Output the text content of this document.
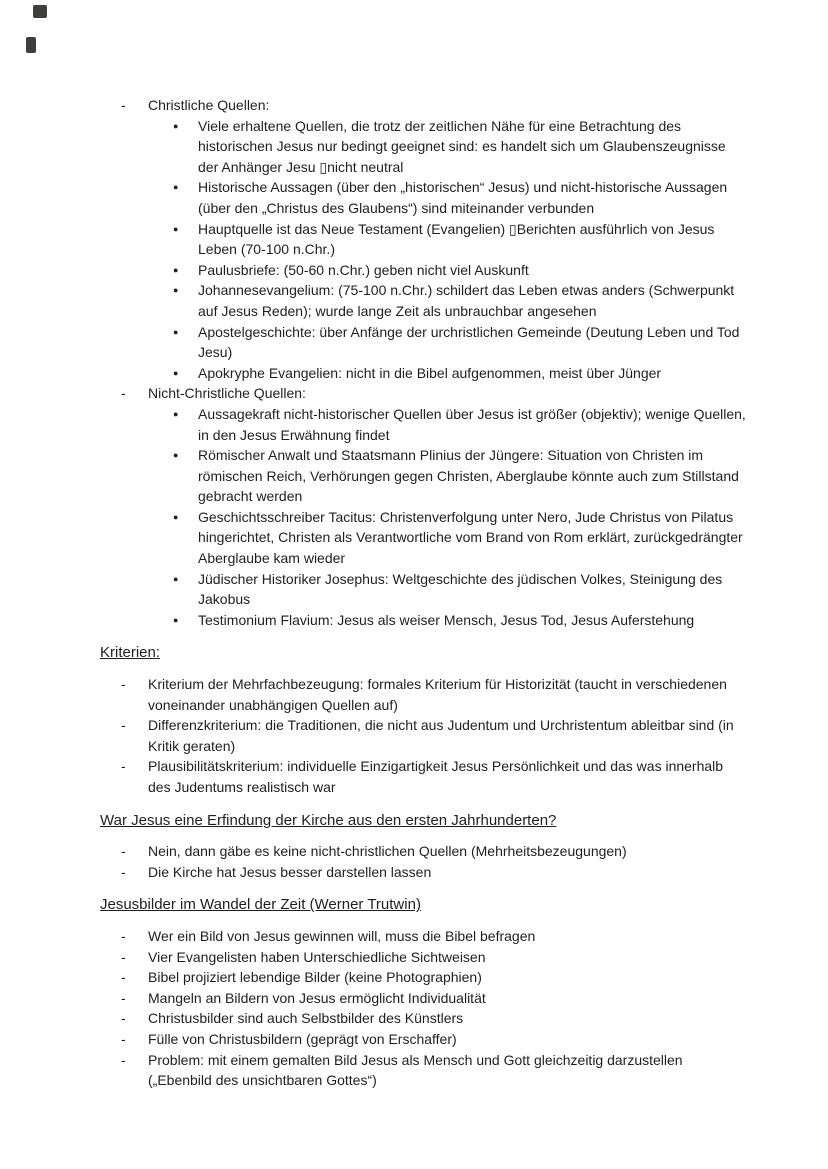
- Christliche Quellen:
● Viele erhaltene Quellen, die trotz der zeitlichen Nähe für eine Betrachtung des historischen Jesus nur bedingt geeignet sind: es handelt sich um Glaubenszeugnisse der Anhänger Jesu ▯nicht neutral
● Historische Aussagen (über den „historischen“ Jesus) und nicht-historische Aussagen (über den „Christus des Glaubens“) sind miteinander verbunden
● Hauptquelle ist das Neue Testament (Evangelien) ▯Berichten ausführlich von Jesus Leben (70-100 n.Chr.)
● Paulusbriefe: (50-60 n.Chr.) geben nicht viel Auskunft
● Johannesevangelium: (75-100 n.Chr.) schildert das Leben etwas anders (Schwerpunkt auf Jesus Reden); wurde lange Zeit als unbrauchbar angesehen
● Apostelgeschichte: über Anfänge der urchristlichen Gemeinde (Deutung Leben und Tod Jesu)
● Apokryphe Evangelien: nicht in die Bibel aufgenommen, meist über Jünger
- Nicht-Christliche Quellen:
● Aussagekraft nicht-historischer Quellen über Jesus ist größer (objektiv); wenige Quellen, in den Jesus Erwähnung findet
● Römischer Anwalt und Staatsmann Plinius der Jüngere: Situation von Christen im römischen Reich, Verhörungen gegen Christen, Aberglaube könnte auch zum Stillstand gebracht werden
● Geschichtsschreiber Tacitus: Christenverfolgung unter Nero, Jude Christus von Pilatus hingerichtet, Christen als Verantwortliche vom Brand von Rom erklärt, zurückgedrängter Aberglaube kam wieder
● Jüdischer Historiker Josephus: Weltgeschichte des jüdischen Volkes, Steinigung des Jakobus
● Testimonium Flavium: Jesus als weiser Mensch, Jesus Tod, Jesus Auferstehung
Kriterien:
- Kriterium der Mehrfachbezeugung: formales Kriterium für Historizität (taucht in verschiedenen voneinander unabhängigen Quellen auf)
- Differenzkriterium: die Traditionen, die nicht aus Judentum und Urchristentum ableitbar sind (in Kritik geraten)
- Plausibilitätskriterium: individuelle Einzigartigkeit Jesus Persönlichkeit und das was innerhalb des Judentums realistisch war
War Jesus eine Erfindung der Kirche aus den ersten Jahrhunderten?
- Nein, dann gäbe es keine nicht-christlichen Quellen (Mehrheitsbezeugungen)
- Die Kirche hat Jesus besser darstellen lassen
Jesusbilder im Wandel der Zeit (Werner Trutwin)
- Wer ein Bild von Jesus gewinnen will, muss die Bibel befragen
- Vier Evangelisten haben Unterschiedliche Sichtweisen
- Bibel projiziert lebendige Bilder (keine Photographien)
- Mangeln an Bildern von Jesus ermöglicht Individualität
- Christusbilder sind auch Selbstbilder des Künstlers
- Fülle von Christusbildern (geprägt von Erschaffer)
- Problem: mit einem gemalten Bild Jesus als Mensch und Gott gleichzeitig darzustellen („Ebenbild des unsichtbaren Gottes“)
